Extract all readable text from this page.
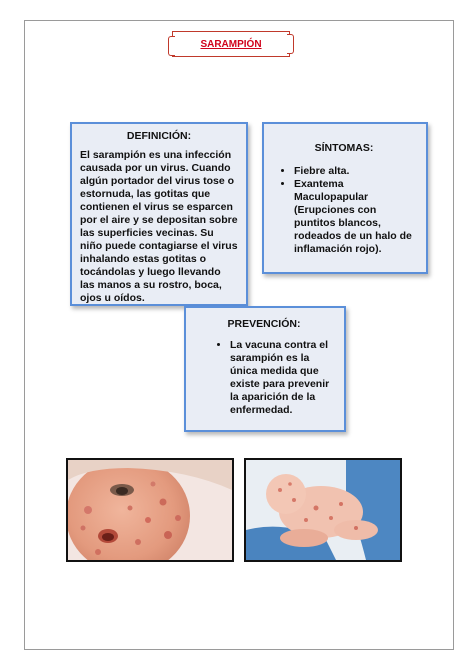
SARAMPIÓN
DEFINICIÓN:

El sarampión es una infección causada por un virus. Cuando algún portador del virus tose o estornuda, las gotitas que contienen el virus se esparcen por el aire y se depositan sobre las superficies vecinas. Su niño puede contagiarse el virus inhalando estas gotitas o tocándolas y luego llevando las manos a su rostro, boca, ojos u oídos.

SÍNTOMAS:
• Fiebre alta.
• Exantema Maculopapular (Erupciones con puntitos blancos, rodeados de un halo de inflamación rojo).
PREVENCIÓN:
• La vacuna contra el sarampión es la única medida que existe para prevenir la aparición de la enfermedad.
